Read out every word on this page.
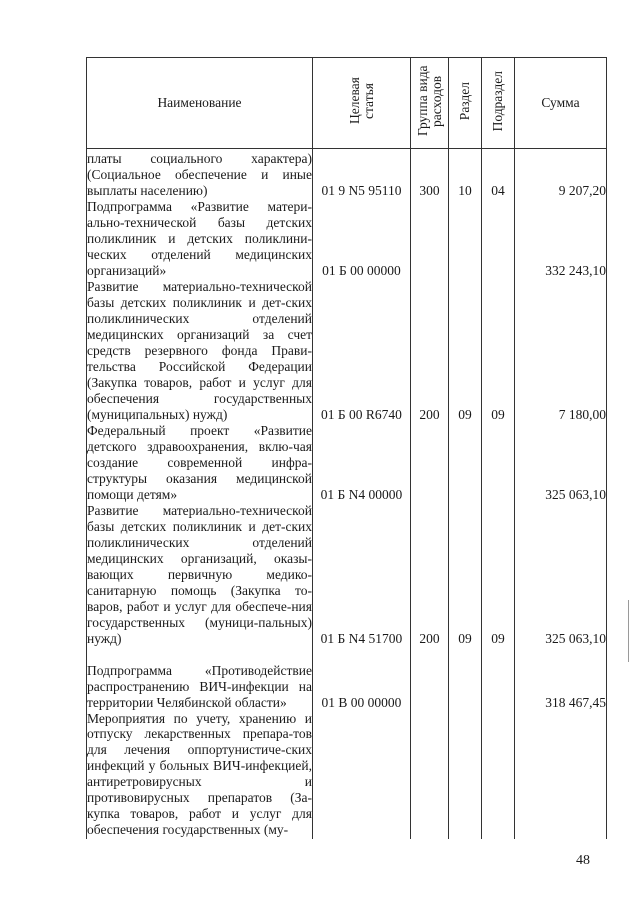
Наименование	Целевая статья	Группа вида расходов	Раздел	Подраздел	Сумма

платы социального характера) (Социальное обеспечение и иные выплаты населению)	01 9 N5 95110	300	10	04	9 207,20

Подпрограмма «Развитие матери-ально-технической базы детских поликлиник и детских поликлини-ческих отделений медицинских организаций»	01 Б 00 00000				332 243,10

Развитие материально-технической базы детских поликлиник и дет-ских поликлинических отделений медицинских организаций за счет средств резервного фонда Прави-тельства Российской Федерации (Закупка товаров, работ и услуг для обеспечения государственных (муниципальных) нужд)	01 Б 00 R6740	200	09	09	7 180,00

Федеральный проект «Развитие детского здравоохранения, вклю-чая создание современной инфра-структуры оказания медицинской помощи детям»	01 Б N4 00000				325 063,10

Развитие материально-технической базы детских поликлиник и дет-ских поликлинических отделений медицинских организаций, оказы-вающих первичную медико-санитарную помощь (Закупка то-варов, работ и услуг для обеспече-ния государственных (муници-пальных) нужд)	01 Б N4 51700	200	09	09	325 063,10

Подпрограмма «Противодействие распространению ВИЧ-инфекции на территории Челябинской области»	01 В 00 00000				318 467,45

Мероприятия по учету, хранению и отпуску лекарственных препара-тов для лечения оппортунистиче-ских инфекций у больных ВИЧ-инфекцией, антиретровирусных и противовирусных препаратов (За-купка товаров, работ и услуг для обеспечения государственных (му-					

48
